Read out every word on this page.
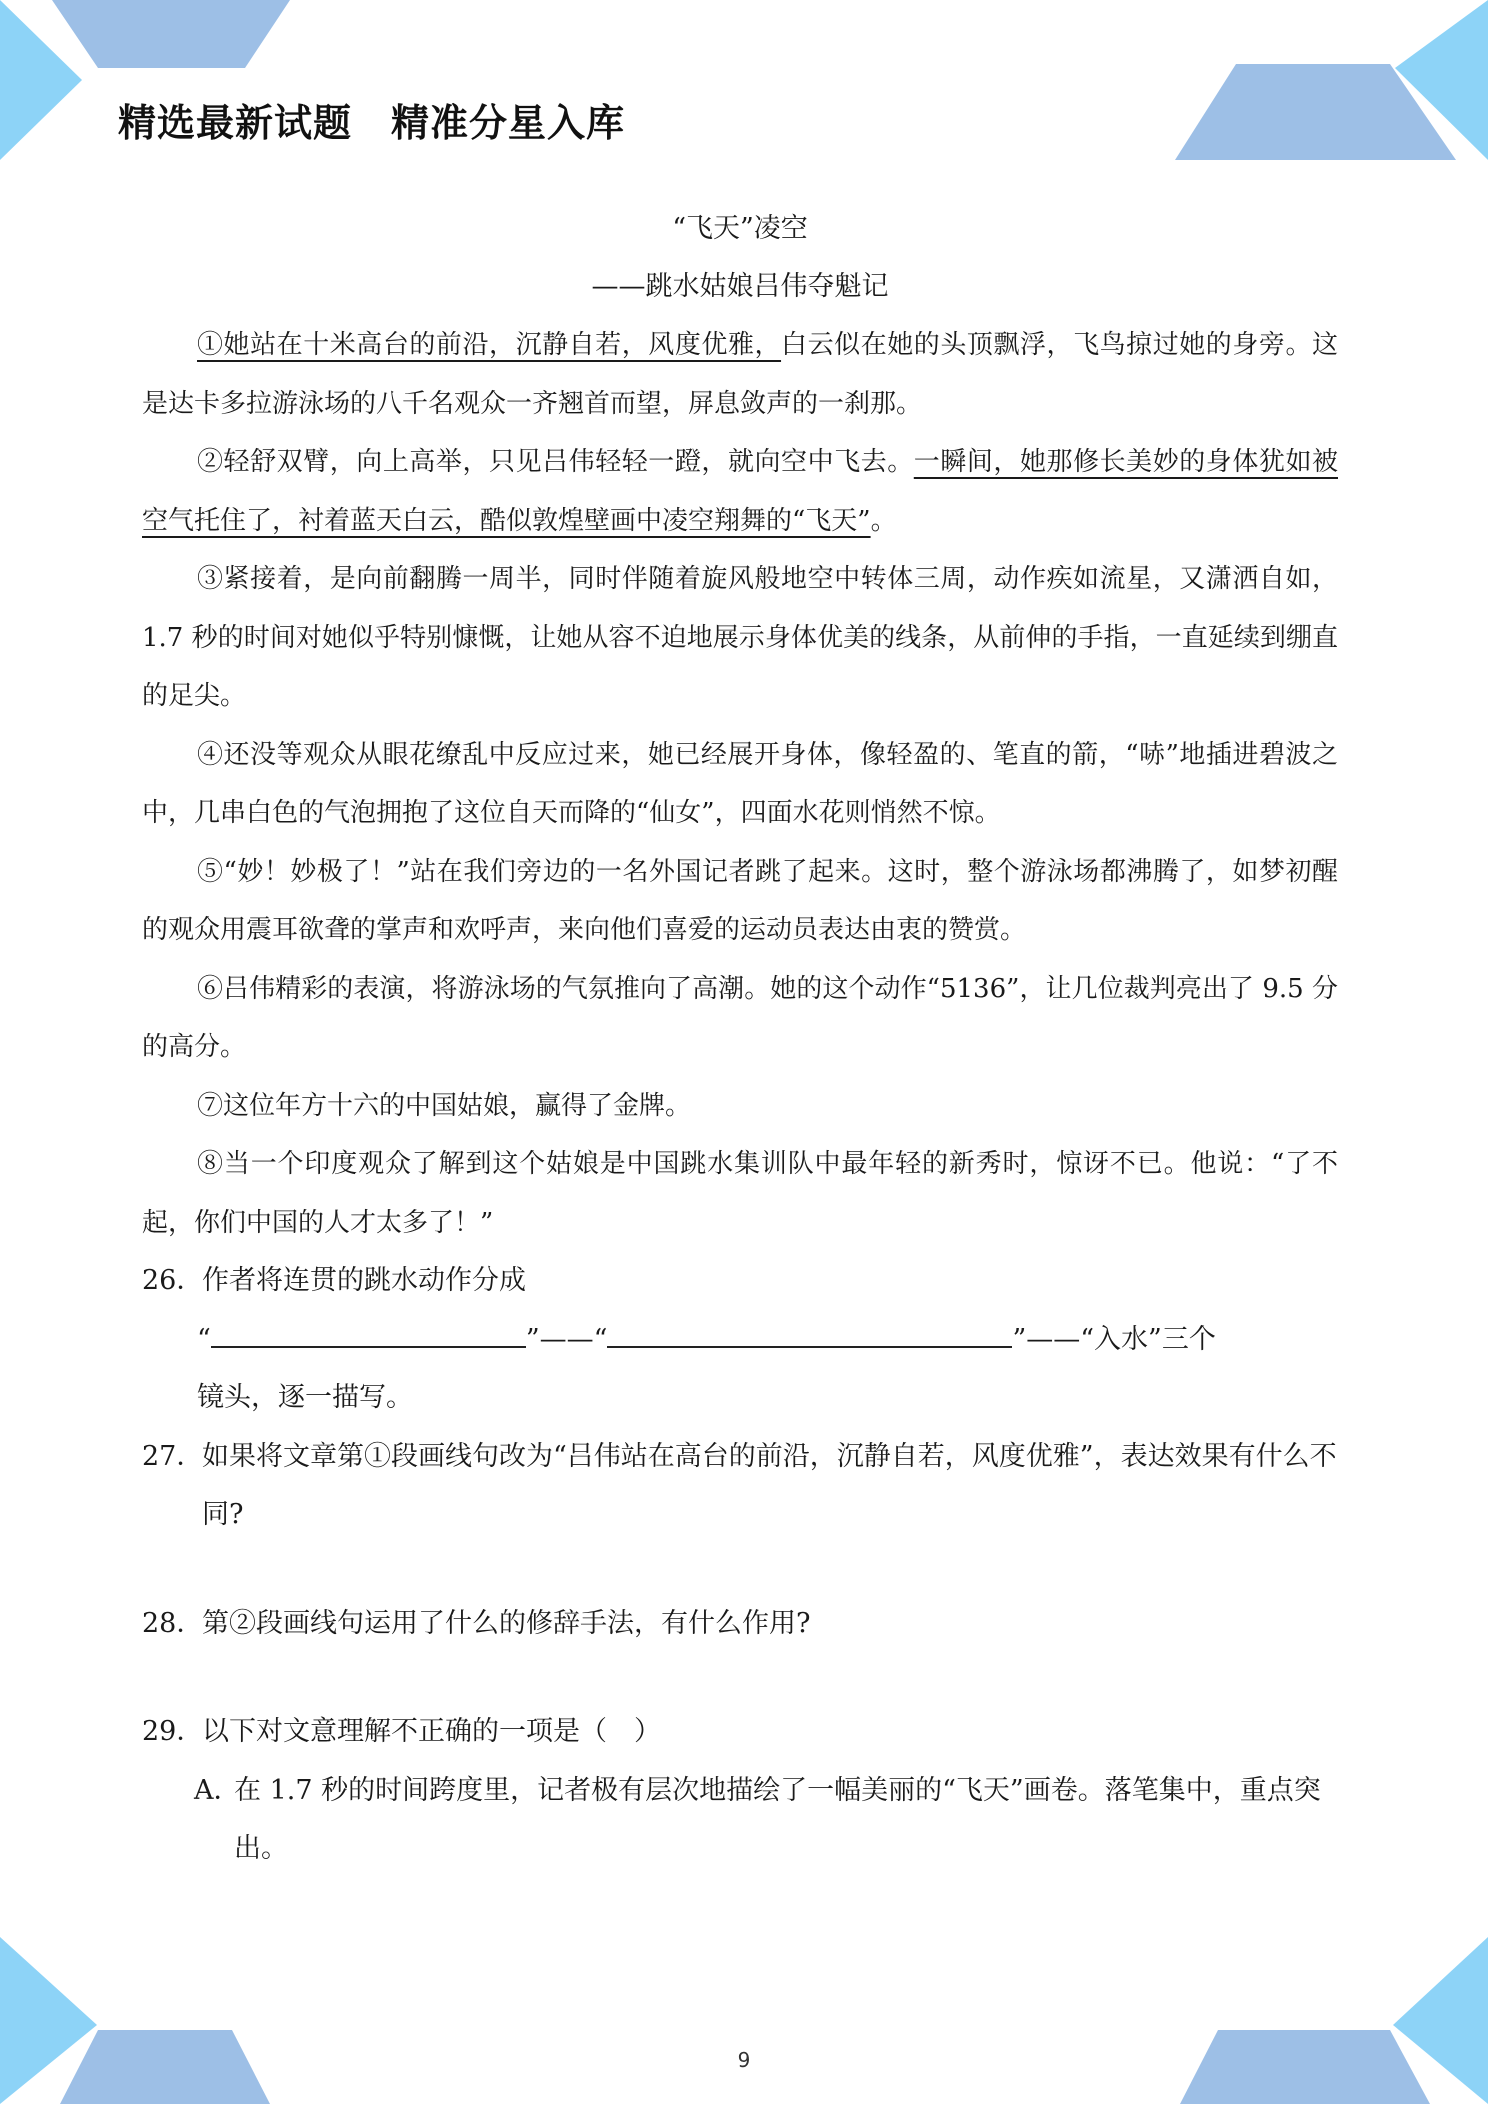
精选最新试题　精准分星入库
“飞天”凌空
——跳水姑娘吕伟夺魁记

①她站在十米高台的前沿，沉静自若，风度优雅，白云似在她的头顶飘浮，飞鸟掠过她的身旁。这是达卡多拉游泳场的八千名观众一齐翘首而望，屏息敛声的一刹那。

②轻舒双臂，向上高举，只见吕伟轻轻一蹬，就向空中飞去。一瞬间，她那修长美妙的身体犹如被空气托住了，衬着蓝天白云，酷似敦煌壁画中凌空翔舞的“飞天”。

③紧接着，是向前翻腾一周半，同时伴随着旋风般地空中转体三周，动作疾如流星，又潇洒自如，1.7 秒的时间对她似乎特别慷慨，让她从容不迫地展示身体优美的线条，从前伸的手指，一直延续到绷直的足尖。

④还没等观众从眼花缭乱中反应过来，她已经展开身体，像轻盈的、笔直的箭，“哧”地插进碧波之中，几串白色的气泡拥抱了这位自天而降的“仙女”，四面水花则悄然不惊。

⑤“妙！妙极了！”站在我们旁边的一名外国记者跳了起来。这时，整个游泳场都沸腾了，如梦初醒的观众用震耳欲聋的掌声和欢呼声，来向他们喜爱的运动员表达由衷的赞赏。

⑥吕伟精彩的表演，将游泳场的气氛推向了高潮。她的这个动作“5136”，让几位裁判亮出了 9.5 分的高分。

⑦这位年方十六的中国姑娘，赢得了金牌。

⑧当一个印度观众了解到这个姑娘是中国跳水集训队中最年轻的新秀时，惊讶不已。他说：“了不起，你们中国的人才太多了！”

26．作者将连贯的跳水动作分成

“	”——“	”——“入水”三个

镜头，逐一描写。

27．如果将文章第①段画线句改为“吕伟站在高台的前沿，沉静自若，风度优雅”，表达效果有什么不同?

28．第②段画线句运用了什么的修辞手法，有什么作用?

29．以下对文意理解不正确的一项是（　）

A．在 1.7 秒的时间跨度里，记者极有层次地描绘了一幅美丽的“飞天”画卷。落笔集中，重点突出。

9
